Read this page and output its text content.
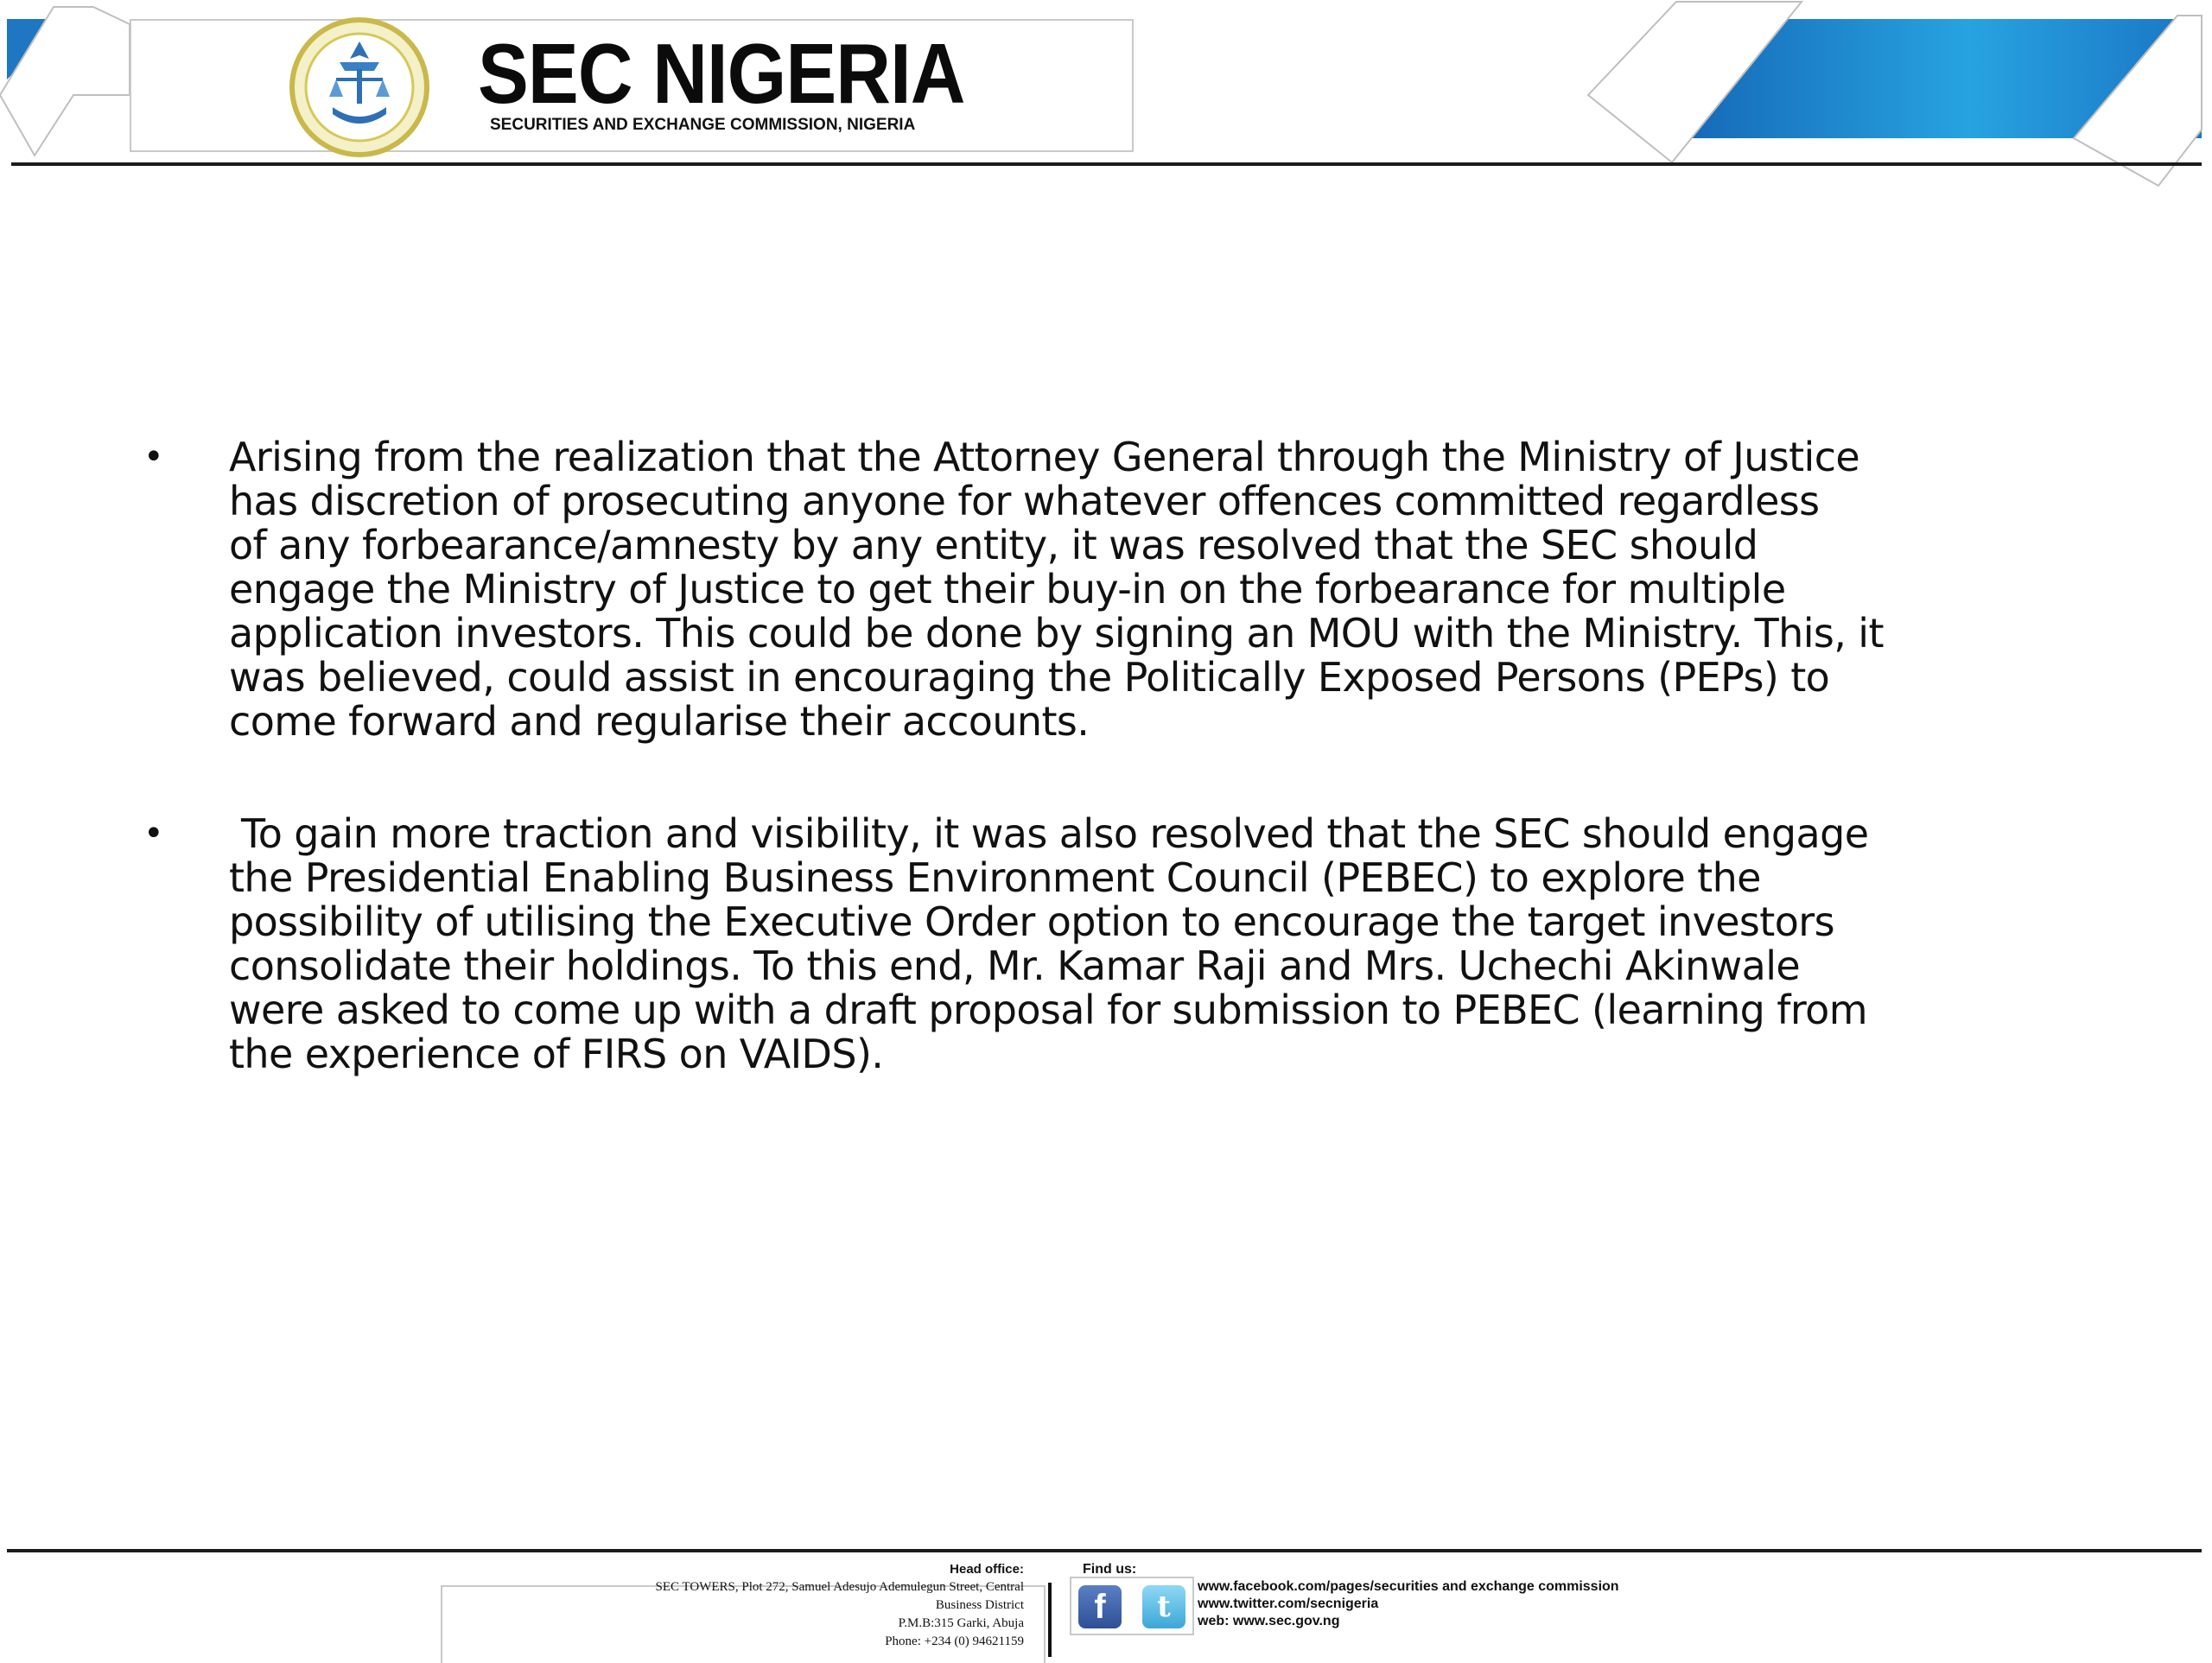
SEC NIGERIA
SECURITIES AND EXCHANGE COMMISSION, NIGERIA
• Arising from the realization that the Attorney General through the Ministry of Justice
has discretion of prosecuting anyone for whatever offences committed regardless
of any forbearance/amnesty by any entity, it was resolved that the SEC should
engage the Ministry of Justice to get their buy-in on the forbearance for multiple
application investors. This could be done by signing an MOU with the Ministry. This, it
was believed, could assist in encouraging the Politically Exposed Persons (PEPs) to
come forward and regularise their accounts.
•	To gain more traction and visibility, it was also resolved that the SEC should engage
the Presidential Enabling Business Environment Council (PEBEC) to explore the
possibility of utilising the Executive Order option to encourage the target investors
consolidate their holdings. To this end, Mr. Kamar Raji and Mrs. Uchechi Akinwale
were asked to come up with a draft proposal for submission to PEBEC (learning from
the experience of FIRS on VAIDS).
Head office:
SEC TOWERS, Plot 272, Samuel Adesujo Ademulegun Street, Central
Business District
P.M.B:315 Garki, Abuja
Phone: +234 (0) 94621159
Find us:
f	t
www.facebook.com/pages/securities and exchange commission
www.twitter.com/secnigeria
web: www.sec.gov.ng
